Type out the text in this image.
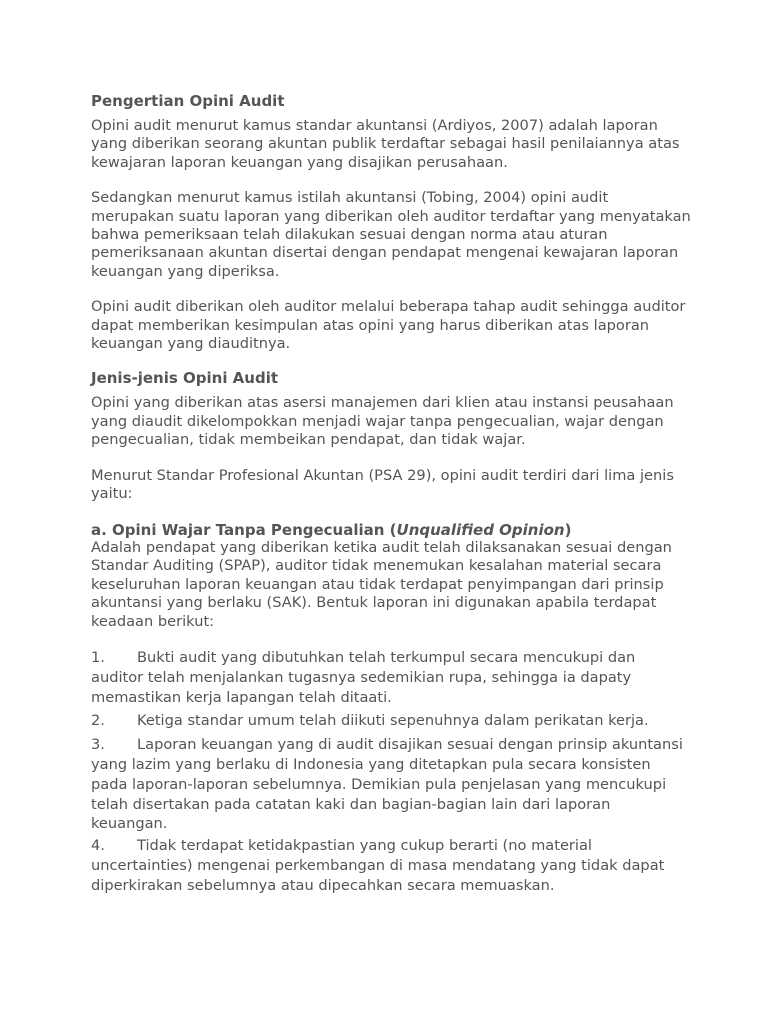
Pengertian Opini Audit

Opini audit menurut kamus standar akuntansi (Ardiyos, 2007) adalah laporan yang diberikan seorang akuntan publik terdaftar sebagai hasil penilaiannya atas kewajaran laporan keuangan yang disajikan perusahaan.

Sedangkan menurut kamus istilah akuntansi (Tobing, 2004) opini audit merupakan suatu laporan yang diberikan oleh auditor terdaftar yang menyatakan bahwa pemeriksaan telah dilakukan sesuai dengan norma atau aturan pemeriksanaan akuntan disertai dengan pendapat mengenai kewajaran laporan keuangan yang diperiksa.

Opini audit diberikan oleh auditor melalui beberapa tahap audit sehingga auditor dapat memberikan kesimpulan atas opini yang harus diberikan atas laporan keuangan yang diauditnya.

Jenis-jenis Opini Audit

Opini yang diberikan atas asersi manajemen dari klien atau instansi peusahaan yang diaudit dikelompokkan menjadi wajar tanpa pengecualian, wajar dengan pengecualian, tidak membeikan pendapat, dan tidak wajar.

Menurut Standar Profesional Akuntan (PSA 29), opini audit terdiri dari lima jenis yaitu:

a. Opini Wajar Tanpa Pengecualian (Unqualified Opinion)

Adalah pendapat yang diberikan ketika audit telah dilaksanakan sesuai dengan Standar Auditing (SPAP), auditor tidak menemukan kesalahan material secara keseluruhan laporan keuangan atau tidak terdapat penyimpangan dari prinsip akuntansi yang berlaku (SAK). Bentuk laporan ini digunakan apabila terdapat keadaan berikut:

1. Bukti audit yang dibutuhkan telah terkumpul secara mencukupi dan auditor telah menjalankan tugasnya sedemikian rupa, sehingga ia dapaty memastikan kerja lapangan telah ditaati.

2. Ketiga standar umum telah diikuti sepenuhnya dalam perikatan kerja.

3. Laporan keuangan yang di audit disajikan sesuai dengan prinsip akuntansi yang lazim yang berlaku di Indonesia yang ditetapkan pula secara konsisten pada laporan-laporan sebelumnya. Demikian pula penjelasan yang mencukupi telah disertakan pada catatan kaki dan bagian-bagian lain dari laporan keuangan.

4. Tidak terdapat ketidakpastian yang cukup berarti (no material uncertainties) mengenai perkembangan di masa mendatang yang tidak dapat diperkirakan sebelumnya atau dipecahkan secara memuaskan.
